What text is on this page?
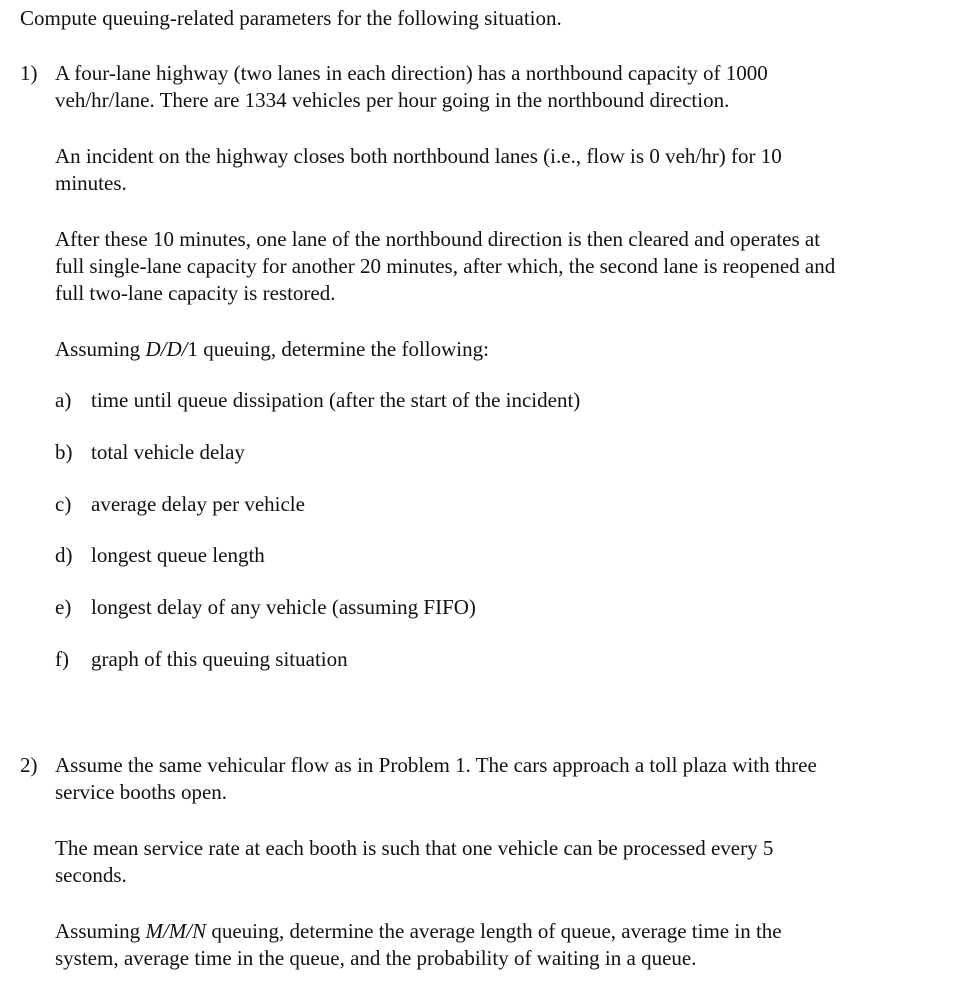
Compute queuing-related parameters for the following situation.
1) A four-lane highway (two lanes in each direction) has a northbound capacity of 1000
veh/hr/lane. There are 1334 vehicles per hour going in the northbound direction.
An incident on the highway closes both northbound lanes (i.e., flow is 0 veh/hr) for 10
minutes.
After these 10 minutes, one lane of the northbound direction is then cleared and operates at
full single-lane capacity for another 20 minutes, after which, the second lane is reopened and
full two-lane capacity is restored.
Assuming D/D/1 queuing, determine the following:
a) time until queue dissipation (after the start of the incident)
b) total vehicle delay
c) average delay per vehicle
d) longest queue length
e) longest delay of any vehicle (assuming FIFO)
f) graph of this queuing situation
2) Assume the same vehicular flow as in Problem 1. The cars approach a toll plaza with three
service booths open.
The mean service rate at each booth is such that one vehicle can be processed every 5
seconds.
Assuming M/M/N queuing, determine the average length of queue, average time in the
system, average time in the queue, and the probability of waiting in a queue.
